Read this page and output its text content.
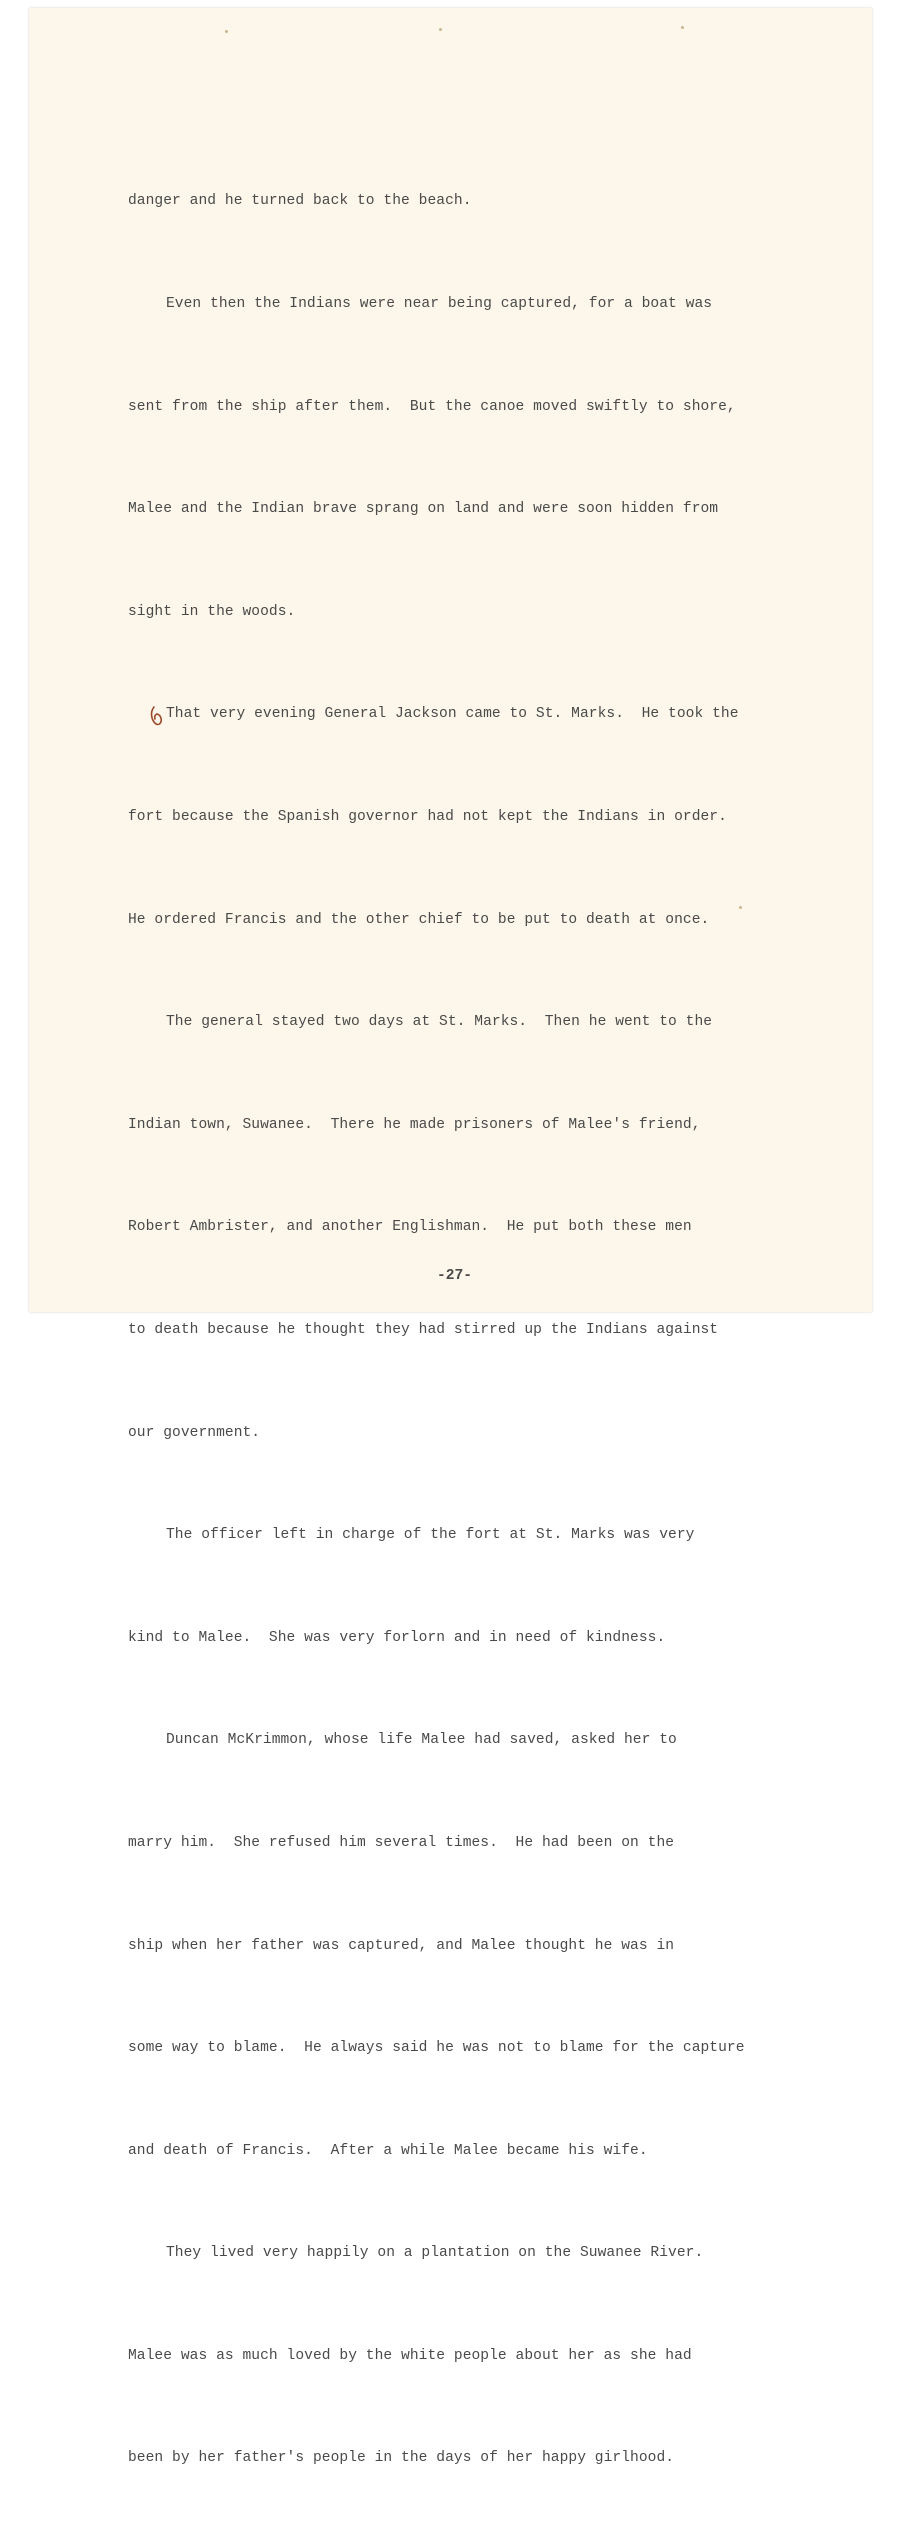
danger and he turned back to the beach.

Even then the Indians were near being captured, for a boat was

sent from the ship after them.  But the canoe moved swiftly to shore,

Malee and the Indian brave sprang on land and were soon hidden from

sight in the woods.

That very evening General Jackson came to St. Marks.  He took the

fort because the Spanish governor had not kept the Indians in order.

He ordered Francis and the other chief to be put to death at once.

The general stayed two days at St. Marks.  Then he went to the

Indian town, Suwanee.  There he made prisoners of Malee's friend,

Robert Ambrister, and another Englishman.  He put both these men

to death because he thought they had stirred up the Indians against

our government.

The officer left in charge of the fort at St. Marks was very

kind to Malee.  She was very forlorn and in need of kindness.

Duncan McKrimmon, whose life Malee had saved, asked her to

marry him.  She refused him several times.  He had been on the

ship when her father was captured, and Malee thought he was in

some way to blame.  He always said he was not to blame for the capture

and death of Francis.  After a while Malee became his wife.

They lived very happily on a plantation on the Suwanee River.

Malee was as much loved by the white people about her as she had

been by her father's people in the days of her happy girlhood.

-27-
